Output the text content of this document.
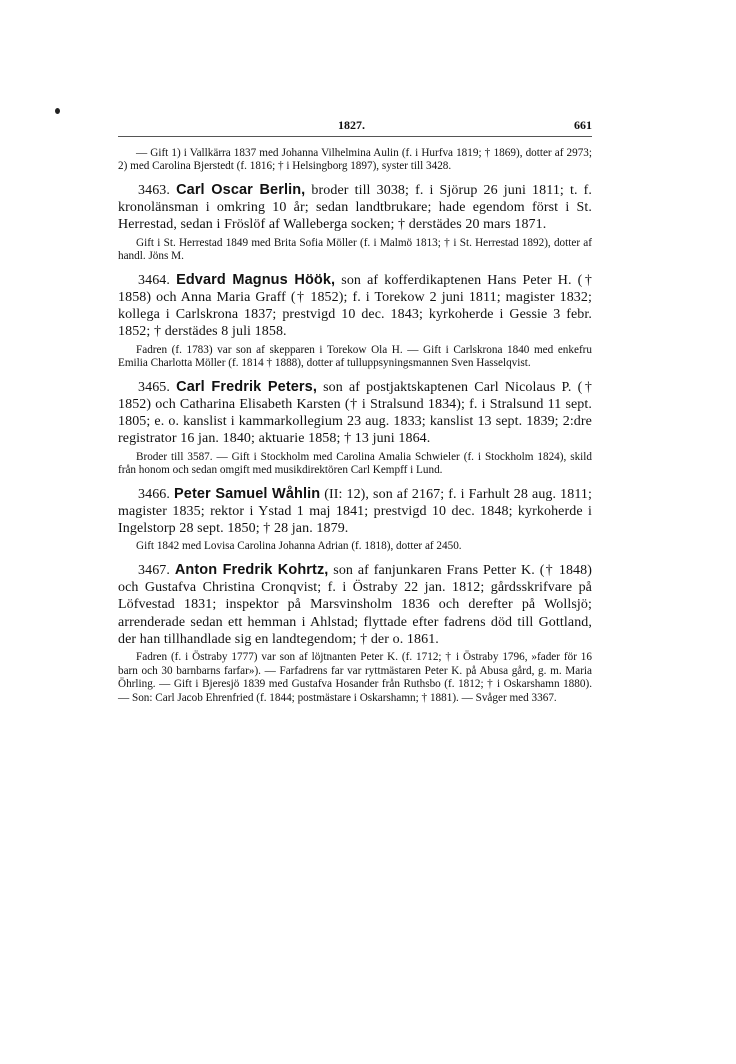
1827.	661

— Gift 1) i Vallkärra 1837 med Johanna Vilhelmina Aulin (f. i Hurfva 1819; † 1869), dotter af 2973; 2) med Carolina Bjerstedt (f. 1816; † i Helsingborg 1897), syster till 3428.

3463. Carl Oscar Berlin, broder till 3038; f. i Sjörup 26 juni 1811; t. f. kronolänsman i omkring 10 år; sedan landtbrukare; hade egendom först i St. Herrestad, sedan i Fröslöf af Walleberga socken; † derstädes 20 mars 1871.

Gift i St. Herrestad 1849 med Brita Sofia Möller (f. i Malmö 1813; † i St. Herrestad 1892), dotter af handl. Jöns M.

3464. Edvard Magnus Höök, son af kofferdikaptenen Hans Peter H. († 1858) och Anna Maria Graff († 1852); f. i Torekow 2 juni 1811; magister 1832; kollega i Carlskrona 1837; prestvigd 10 dec. 1843; kyrkoherde i Gessie 3 febr. 1852; † derstädes 8 juli 1858.

Fadren (f. 1783) var son af skepparen i Torekow Ola H. — Gift i Carlskrona 1840 med enkefru Emilia Charlotta Möller (f. 1814 † 1888), dotter af tulluppsyningsmannen Sven Hasselqvist.

3465. Carl Fredrik Peters, son af postjaktskaptenen Carl Nicolaus P. († 1852) och Catharina Elisabeth Karsten († i Stralsund 1834); f. i Stralsund 11 sept. 1805; e. o. kanslist i kammarkollegium 23 aug. 1833; kanslist 13 sept. 1839; 2:dre registrator 16 jan. 1840; aktuarie 1858; † 13 juni 1864.

Broder till 3587. — Gift i Stockholm med Carolina Amalia Schwieler (f. i Stockholm 1824), skild från honom och sedan omgift med musikdirektören Carl Kempff i Lund.

3466. Peter Samuel Wåhlin (II: 12), son af 2167; f. i Farhult 28 aug. 1811; magister 1835; rektor i Ystad 1 maj 1841; prestvigd 10 dec. 1848; kyrkoherde i Ingelstorp 28 sept. 1850; † 28 jan. 1879.

Gift 1842 med Lovisa Carolina Johanna Adrian (f. 1818), dotter af 2450.

3467. Anton Fredrik Kohrtz, son af fanjunkaren Frans Petter K. († 1848) och Gustafva Christina Cronqvist; f. i Östraby 22 jan. 1812; gårdsskrifvare på Löfvestad 1831; inspektor på Marsvinsholm 1836 och derefter på Wollsjö; arrenderade sedan ett hemman i Ahlstad; flyttade efter fadrens död till Gottland, der han tillhandlade sig en landtegendom; † der o. 1861.

Fadren (f. i Östraby 1777) var son af löjtnanten Peter K. (f. 1712; † i Östraby 1796, »fader för 16 barn och 30 barnbarns farfar»). — Farfadrens far var ryttmästaren Peter K. på Abusa gård, g. m. Maria Öhrling. — Gift i Bjeresjö 1839 med Gustafva Hosander från Ruthsbo (f. 1812; † i Oskarshamn 1880). — Son: Carl Jacob Ehrenfried (f. 1844; postmästare i Oskarshamn; † 1881). — Svåger med 3367.
